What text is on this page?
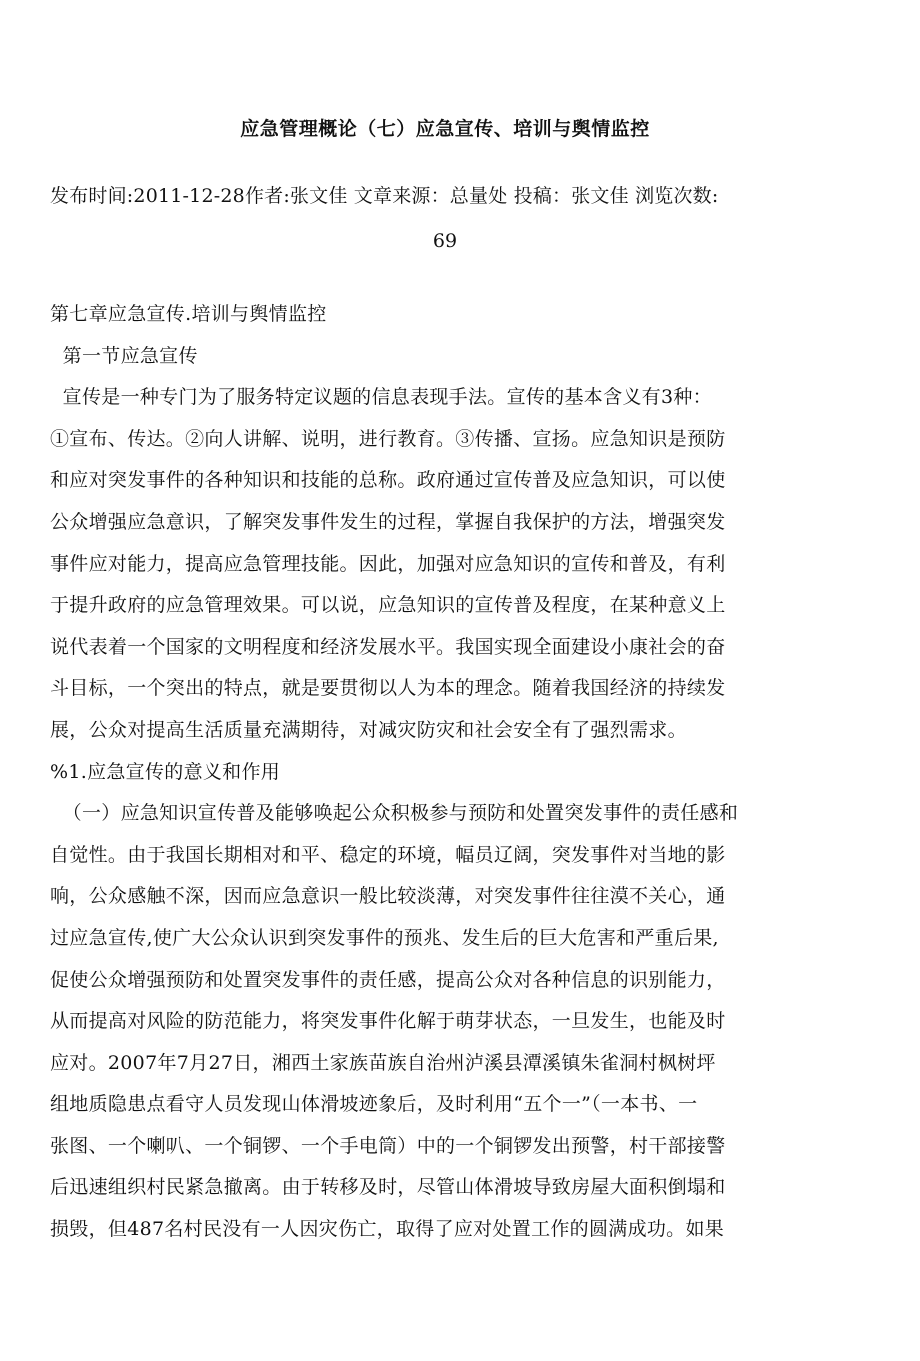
应急管理概论（七）应急宣传、培训与舆情监控
发布时间:2011-12-28作者:张文佳 文章来源：总量处 投稿：张文佳 浏览次数:
69
第七章应急宣传.培训与舆情监控
第一节应急宣传
宣传是一种专门为了服务特定议题的信息表现手法。宣传的基本含义有3种：
①宣布、传达。②向人讲解、说明，进行教育。③传播、宣扬。应急知识是预防
和应对突发事件的各种知识和技能的总称。政府通过宣传普及应急知识，可以使
公众增强应急意识，了解突发事件发生的过程，掌握自我保护的方法，增强突发
事件应对能力，提高应急管理技能。因此，加强对应急知识的宣传和普及，有利
于提升政府的应急管理效果。可以说，应急知识的宣传普及程度，在某种意义上
说代表着一个国家的文明程度和经济发展水平。我国实现全面建设小康社会的奋
斗目标，一个突出的特点，就是要贯彻以人为本的理念。随着我国经济的持续发
展，公众对提高生活质量充满期待，对减灾防灾和社会安全有了强烈需求。
%1.应急宣传的意义和作用
（一）应急知识宣传普及能够唤起公众积极参与预防和处置突发事件的责任感和
自觉性。由于我国长期相对和平、稳定的环境，幅员辽阔，突发事件对当地的影
响，公众感触不深，因而应急意识一般比较淡薄，对突发事件往往漠不关心，通
过应急宣传,使广大公众认识到突发事件的预兆、发生后的巨大危害和严重后果,
促使公众增强预防和处置突发事件的责任感，提高公众对各种信息的识别能力，
从而提高对风险的防范能力，将突发事件化解于萌芽状态，一旦发生，也能及时
应对。2007年7月27日，湘西土家族苗族自治州泸溪县潭溪镇朱雀洞村枫树坪
组地质隐患点看守人员发现山体滑坡迹象后，及时利用“五个一”（一本书、一
张图、一个喇叭、一个铜锣、一个手电筒）中的一个铜锣发出预警，村干部接警
后迅速组织村民紧急撤离。由于转移及时，尽管山体滑坡导致房屋大面积倒塌和
损毁，但487名村民没有一人因灾伤亡，取得了应对处置工作的圆满成功。如果
